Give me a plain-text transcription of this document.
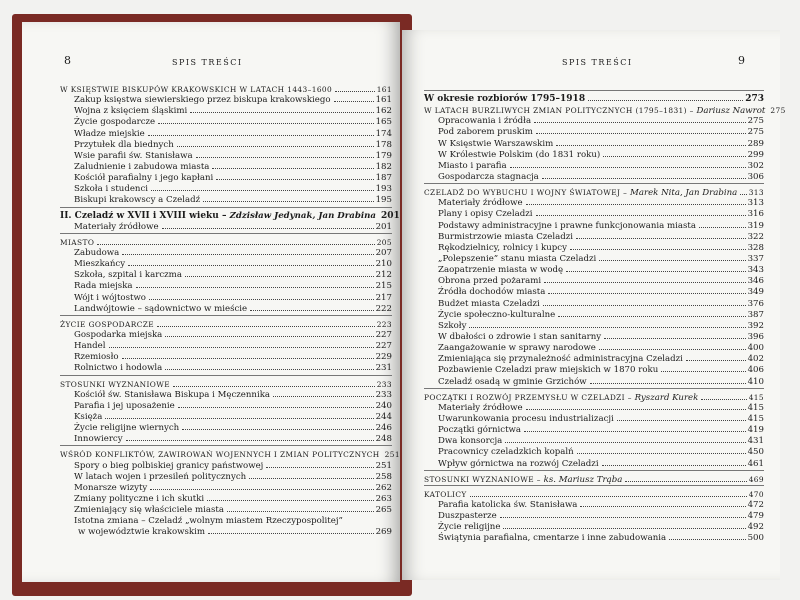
8	SPIS TREŚCI
W KSIĘSTWIE BISKUPÓW KRAKOWSKICH W LATACH 1443–1600	161
Zakup księstwa siewierskiego przez biskupa krakowskiego	161
Wojna z księciem śląskimi	162
Życie gospodarcze	165
Władze miejskie	174
Przytułek dla biednych	178
Wsie parafii św. Stanisława	179
Zaludnienie i zabudowa miasta	182
Kościół parafialny i jego kapłani	187
Szkoła i studenci	193
Biskupi krakowscy a Czeladź	195
II. Czeladź w XVII i XVIII wieku – Zdzisław Jedynak, Jan Drabina 201
Materiały źródłowe	201
MIASTO	205
Zabudowa	207
Mieszkańcy	210
Szkoła, szpital i karczma	212
Rada miejska	215
Wójt i wójtostwo	217
Landwójtowie – sądownictwo w mieście	222
ŻYCIE GOSPODARCZE	223
Gospodarka miejska	227
Handel	227
Rzemiosło	229
Rolnictwo i hodowla	231
STOSUNKI WYZNANIOWE	233
Kościół św. Stanisława Biskupa i Męczennika	233
Parafia i jej uposażenie	240
Księża	244
Życie religijne wiernych	246
Innowiercy	248
WŚRÓD KONFLIKTÓW, ZAWIROWAŃ WOJENNYCH I ZMIAN POLITYCZNYCH 251
Spory o bieg polbiskiej granicy państwowej	251
W latach wojen i przesileń politycznych	258
Monarsze wizyty	262
Zmiany polityczne i ich skutki	263
Zmieniający się właściciele miasta	265
Istotna zmiana – Czeladź „wolnym miastem Rzeczypospolitej”
w województwie krakowskim	269
SPIS TREŚCI	9
W okresie rozbiorów 1795–1918	273
W LATACH BURZLIWYCH ZMIAN POLITYCZNYCH (1795–1831) – Dariusz Nawrot 275
Opracowania i źródła	275
Pod zaborem pruskim	275
W Księstwie Warszawskim	289
W Królestwie Polskim (do 1831 roku)	299
Miasto i parafia	302
Gospodarcza stagnacja	306
CZELADŹ DO WYBUCHU I WOJNY ŚWIATOWEJ – Marek Nita, Jan Drabina 313
Materiały źródłowe	313
Plany i opisy Czeladzi	316
Podstawy administracyjne i prawne funkcjonowania miasta	319
Burmistrzowie miasta Czeladzi	322
Rękodzielnicy, rolnicy i kupcy	328
„Polepszenie” stanu miasta Czeladzi	337
Zaopatrzenie miasta w wodę	343
Obrona przed pożarami	346
Źródła dochodów miasta	349
Budżet miasta Czeladzi	376
Życie społeczno-kulturalne	387
Szkoły	392
W dbałości o zdrowie i stan sanitarny	396
Zaangażowanie w sprawy narodowe	400
Zmieniająca się przynależność administracyjna Czeladzi	402
Pozbawienie Czeladzi praw miejskich w 1870 roku	406
Czeladź osadą w gminie Grzichów	410
POCZĄTKI I ROZWÓJ PRZEMYSŁU W CZELADZI – Ryszard Kurek	415
Materiały źródłowe	415
Uwarunkowania procesu industrializacji	415
Początki górnictwa	419
Dwa konsorcja	431
Pracownicy czeladzkich kopalń	450
Wpływ górnictwa na rozwój Czeladzi	461
STOSUNKI WYZNANIOWE – ks. Mariusz Trąba	469
KATOLICY	470
Parafia katolicka św. Stanisława	472
Duszpasterze	479
Życie religijne	492
Świątynia parafialna, cmentarze i inne zabudowania	500
